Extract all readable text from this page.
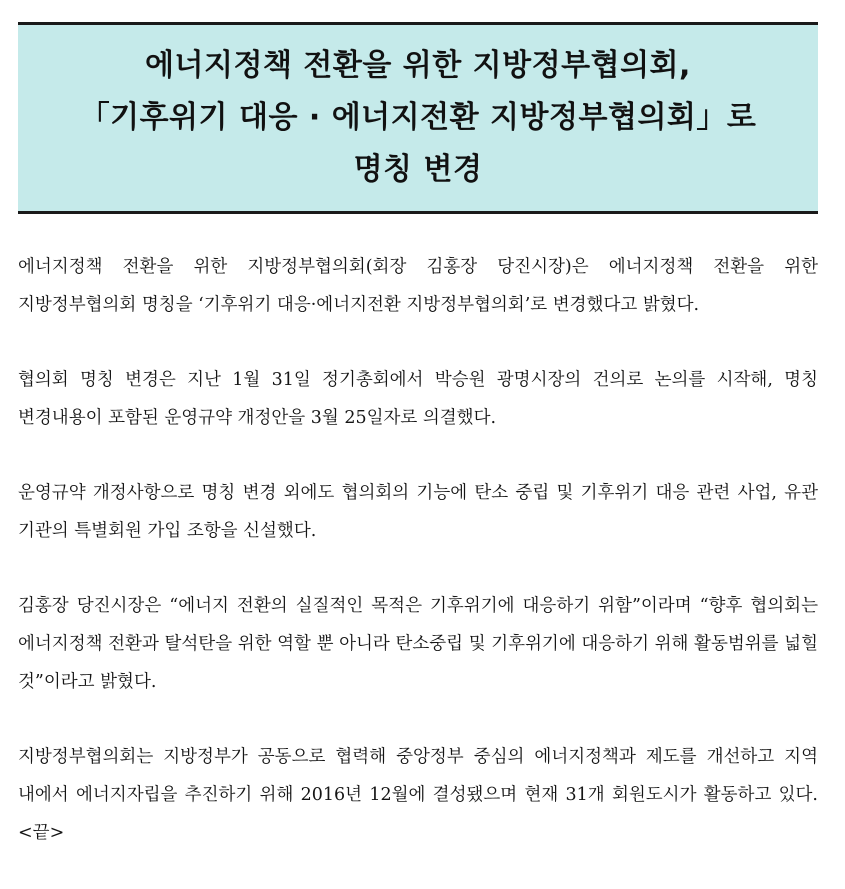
에너지정책 전환을 위한 지방정부협의회,
「기후위기 대응 · 에너지전환 지방정부협의회」로
명칭 변경

에너지정책 전환을 위한 지방정부협의회(회장 김홍장 당진시장)은 에너지정책 전환을 위한 지방정부협의회 명칭을 ‘기후위기 대응·에너지전환 지방정부협의회’로 변경했다고 밝혔다.

협의회 명칭 변경은 지난 1월 31일 정기총회에서 박승원 광명시장의 건의로 논의를 시작해, 명칭 변경내용이 포함된 운영규약 개정안을 3월 25일자로 의결했다.

운영규약 개정사항으로 명칭 변경 외에도 협의회의 기능에 탄소 중립 및 기후위기 대응 관련 사업, 유관 기관의 특별회원 가입 조항을 신설했다.

김홍장 당진시장은 “에너지 전환의 실질적인 목적은 기후위기에 대응하기 위함”이라며 “향후 협의회는 에너지정책 전환과 탈석탄을 위한 역할 뿐 아니라 탄소중립 및 기후위기에 대응하기 위해 활동범위를 넓힐 것”이라고 밝혔다.

지방정부협의회는 지방정부가 공동으로 협력해 중앙정부 중심의 에너지정책과 제도를 개선하고 지역 내에서 에너지자립을 추진하기 위해 2016년 12월에 결성됐으며 현재 31개 회원도시가 활동하고 있다. <끝>
